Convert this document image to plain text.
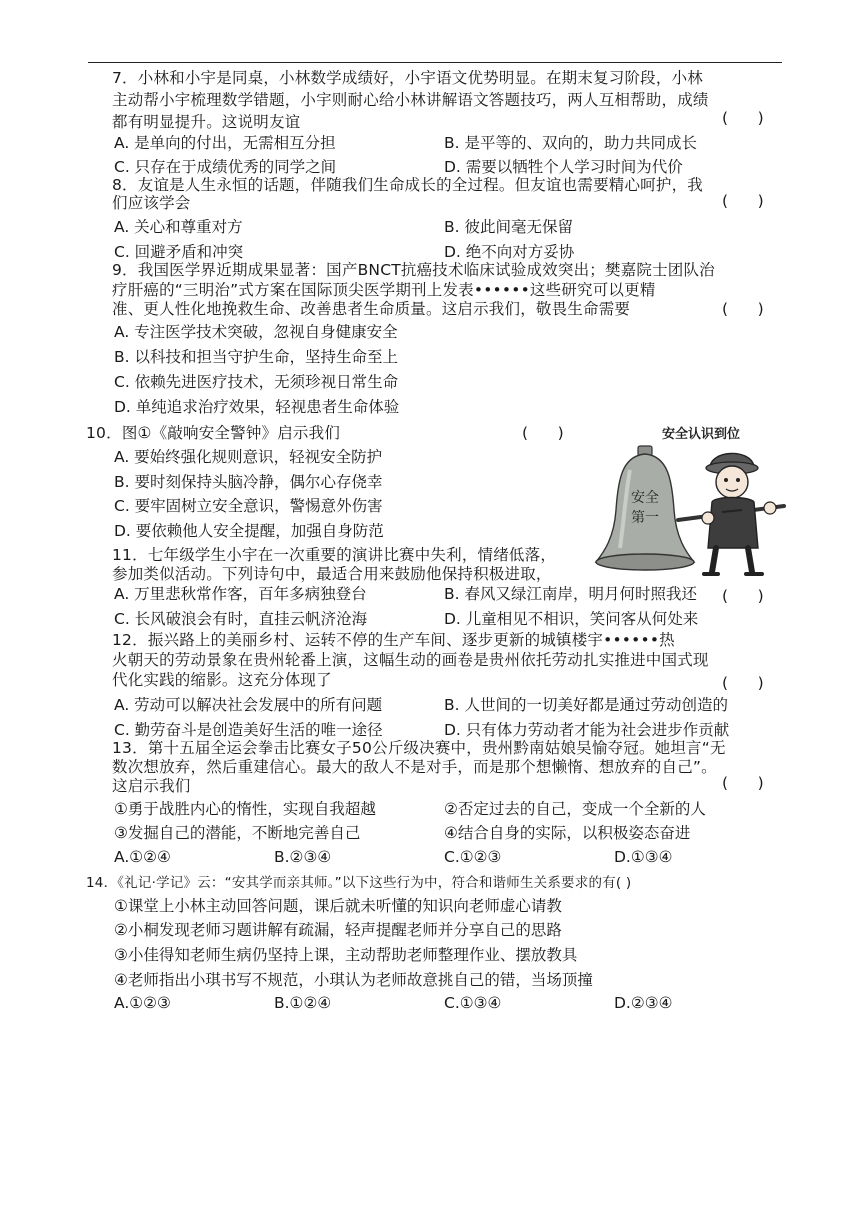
7．小林和小宇是同桌，小林数学成绩好，小宇语文优势明显。在期末复习阶段，小林
主动帮小宇梳理数学错题，小宇则耐心给小林讲解语文答题技巧，两人互相帮助，成绩
都有明显提升。这说明友谊	(      )
A. 是单向的付出，无需相互分担	B. 是平等的、双向的，助力共同成长
C. 只存在于成绩优秀的同学之间	D. 需要以牺牲个人学习时间为代价
8．友谊是人生永恒的话题，伴随我们生命成长的全过程。但友谊也需要精心呵护，我
们应该学会	(      )
A. 关心和尊重对方	B. 彼此间毫无保留
C. 回避矛盾和冲突	D. 绝不向对方妥协
9．我国医学界近期成果显著：国产BNCT抗癌技术临床试验成效突出；樊嘉院士团队治
疗肝癌的“三明治”式方案在国际顶尖医学期刊上发表••••••这些研究可以更精
准、更人性化地挽救生命、改善患者生命质量。这启示我们，敬畏生命需要	(      )
A. 专注医学技术突破，忽视自身健康安全
B. 以科技和担当守护生命，坚持生命至上
C. 依赖先进医疗技术，无须珍视日常生命
D. 单纯追求治疗效果，轻视患者生命体验
10．图①《敲响安全警钟》启示我们	(      )
A. 要始终强化规则意识，轻视安全防护
B. 要时刻保持头脑冷静，偶尔心存侥幸
C. 要牢固树立安全意识，警惕意外伤害
D. 要依赖他人安全提醒，加强自身防范
安全认识到位
安全
第一
11．七年级学生小宇在一次重要的演讲比赛中失利，情绪低落，
参加类似活动。下列诗句中，最适合用来鼓励他保持积极进取，
(      )
A. 万里悲秋常作客，百年多病独登台	B. 春风又绿江南岸，明月何时照我还
C. 长风破浪会有时，直挂云帆济沧海	D. 儿童相见不相识，笑问客从何处来
12．振兴路上的美丽乡村、运转不停的生产车间、逐步更新的城镇楼宇••••••热
火朝天的劳动景象在贵州轮番上演，这幅生动的画卷是贵州依托劳动扎实推进中国式现
代化实践的缩影。这充分体现了	(      )
A. 劳动可以解决社会发展中的所有问题	B. 人世间的一切美好都是通过劳动创造的
C. 勤劳奋斗是创造美好生活的唯一途径	D. 只有体力劳动者才能为社会进步作贡献
13．第十五届全运会拳击比赛女子50公斤级决赛中，贵州黔南姑娘吴愉夺冠。她坦言“无
数次想放弃，然后重建信心。最大的敌人不是对手，而是那个想懒惰、想放弃的自己”。
这启示我们	(      )
①勇于战胜内心的惰性，实现自我超越	②否定过去的自己，变成一个全新的人
③发掘自己的潜能，不断地完善自己	④结合自身的实际，以积极姿态奋进
A.①②④	B.②③④	C.①②③	D.①③④
14．《礼记·学记》云：“安其学而亲其师。”以下这些行为中，符合和谐师生关系要求的有( )
①课堂上小林主动回答问题，课后就未听懂的知识向老师虚心请教
②小桐发现老师习题讲解有疏漏，轻声提醒老师并分享自己的思路
③小佳得知老师生病仍坚持上课，主动帮助老师整理作业、摆放教具
④老师指出小琪书写不规范，小琪认为老师故意挑自己的错，当场顶撞
A.①②③	B.①②④	C.①③④	D.②③④
